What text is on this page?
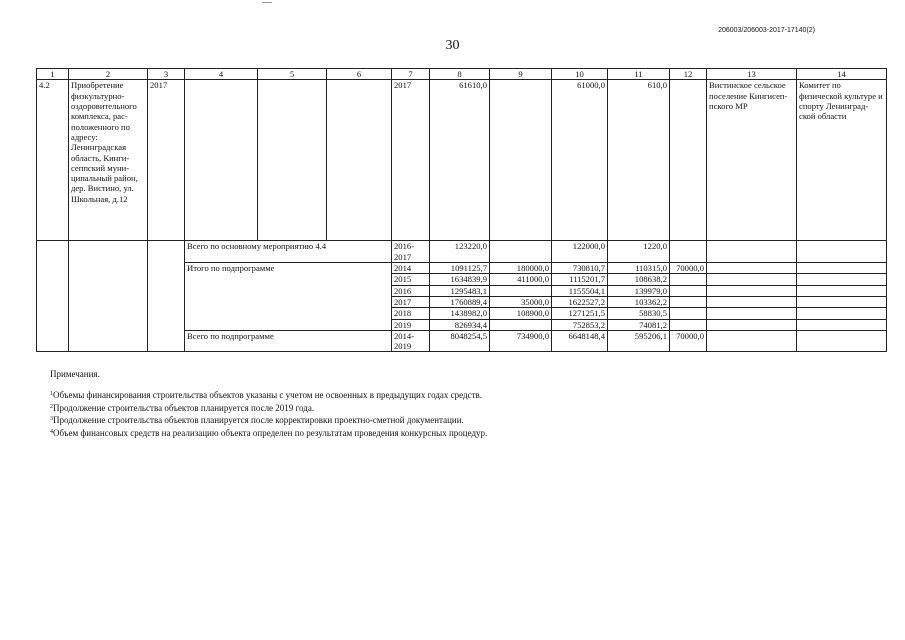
206003/206003-2017-17140(2)
30
1	2	3	4	5	6	7	8	9	10	11	12	13	14
4.2	Приобретение физкультурно-оздоровительного комплекса, рас-положенного по адресу: Ленинградская область, Кинги-сеппский муни-ципальный район, дер. Вистино, ул. Школьная, д.12	2017				2017	61610,0		61000,0	610,0		Вистинское сельское поселение Кингисеп-пского МР	Комитет по физической культуре и спорту Ленинград-ской области
			Всего по основному мероприятию 4.4			2016-2017	123220,0		122000,0	1220,0			
			Итого по подпрограмме			2014	1091125,7	180000,0	730810,7	110315,0	70000,0		
						2015	1634839,9	411000,0	1115201,7	108638,2			
						2016	1295483,1		1155504,1	139979,0			
						2017	1760889,4	35000,0	1622527,2	103362,2			
						2018	1438982,0	108900,0	1271251,5	58830,5			
						2019	826934,4		752853,2	74081,2			
			Всего по подпрограмме			2014-2019	8048254,5	734900,0	6648148,4	595206,1	70000,0		

Примечания.

$^1$Объемы финансирования строительства объектов указаны с учетом не освоенных в предыдущих годах средств.

$^2$Продолжение строительства объектов планируется после 2019 года.

$^3$Продолжение строительства объектов планируется после корректировки проектно-сметной документации.

$^4$Объем финансовых средств на реализацию объекта определен по результатам проведения конкурсных процедур.
